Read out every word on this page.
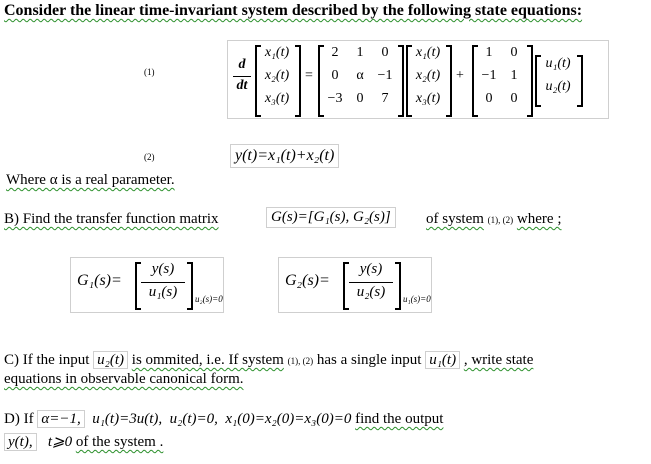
Consider the linear time-invariant system described by the following state equations:
(1)	d
dt
x₁(t)
x₂(t)
x₃(t)
=
2	1	0
0	α −1
−3	0	7
x₁(t)
x₂(t)
x₃(t)
+
1	0
−1	1
0	0
u₁(t)
u₂(t)
(2)	y(t)=x₁(t)+x₂(t)
Where α is a real parameter.
B) Find the transfer function matrix	G(s)=[G₁(s), G₂(s)]	of system (1), (2) where ;
G₁(s)=
y(s)
u₁(s)	u₂(s)=0
G₂(s)=
y(s)
u₂(s)	u₁(s)=0
C) If the input u₂(t) is ommited, i.e. If system (1), (2) has a single input u₁(t) , write state
equations in observable canonical form.
D) If α=−1, u₁(t)=3u(t), u₂(t)=0, x₁(0)=x₂(0)=x₃(0)=0 find the output
y(t), t⩾0 of the system .
